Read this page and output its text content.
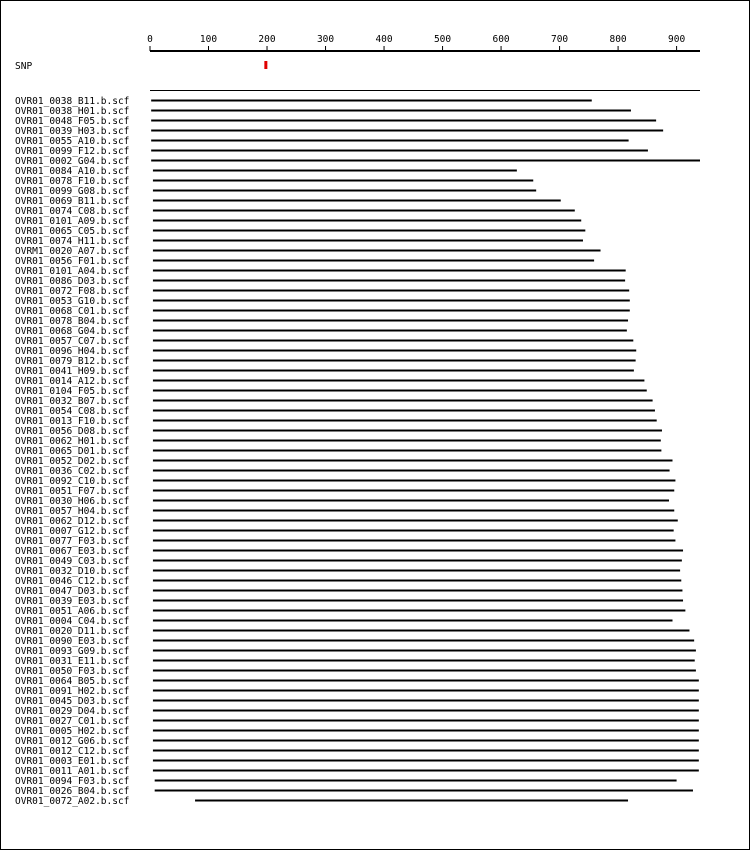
0	100	200	300	400	500	600	700	800	900
SNP
OVR01_0038_B11.b.scf
OVR01_0038_H01.b.scf
OVR01_0048_F05.b.scf
OVR01_0039_H03.b.scf
OVR01_0055_A10.b.scf
OVR01_0099_F12.b.scf
OVR01_0002_G04.b.scf
OVR01_0084_A10.b.scf
OVR01_0078_F10.b.scf
OVR01_0099_G08.b.scf
OVR01_0069_B11.b.scf
OVR01_0074_C08.b.scf
OVR01_0101_A09.b.scf
OVR01_0065_C05.b.scf
OVR01_0074_H11.b.scf
OVRM1_0020_A07.b.scf
OVR01_0056_F01.b.scf
OVR01_0101_A04.b.scf
OVR01_0086_D03.b.scf
OVR01_0072_F08.b.scf
OVR01_0053_G10.b.scf
OVR01_0068_C01.b.scf
OVR01_0078_B04.b.scf
OVR01_0068_G04.b.scf
OVR01_0057_C07.b.scf
OVR01_0096_H04.b.scf
OVR01_0079_B12.b.scf
OVR01_0041_H09.b.scf
OVR01_0014_A12.b.scf
OVR01_0104_F05.b.scf
OVR01_0032_B07.b.scf
OVR01_0054_C08.b.scf
OVR01_0013_F10.b.scf
OVR01_0056_D08.b.scf
OVR01_0062_H01.b.scf
OVR01_0065_D01.b.scf
OVR01_0052_D02.b.scf
OVR01_0036_C02.b.scf
OVR01_0092_C10.b.scf
OVR01_0051_F07.b.scf
OVR01_0030_H06.b.scf
OVR01_0057_H04.b.scf
OVR01_0062_D12.b.scf
OVR01_0007_G12.b.scf
OVR01_0077_F03.b.scf
OVR01_0067_E03.b.scf
OVR01_0049_C03.b.scf
OVR01_0032_D10.b.scf
OVR01_0046_C12.b.scf
OVR01_0047_D03.b.scf
OVR01_0039_E03.b.scf
OVR01_0051_A06.b.scf
OVR01_0004_C04.b.scf
OVR01_0020_D11.b.scf
OVR01_0090_E03.b.scf
OVR01_0093_G09.b.scf
OVR01_0031_E11.b.scf
OVR01_0050_F03.b.scf
OVR01_0064_B05.b.scf
OVR01_0091_H02.b.scf
OVR01_0045_D03.b.scf
OVR01_0029_D04.b.scf
OVR01_0027_C01.b.scf
OVR01_0005_H02.b.scf
OVR01_0012_G06.b.scf
OVR01_0012_C12.b.scf
OVR01_0003_E01.b.scf
OVR01_0011_A01.b.scf
OVR01_0094_F03.b.scf
OVR01_0026_B04.b.scf
OVR01_0072_A02.b.scf
